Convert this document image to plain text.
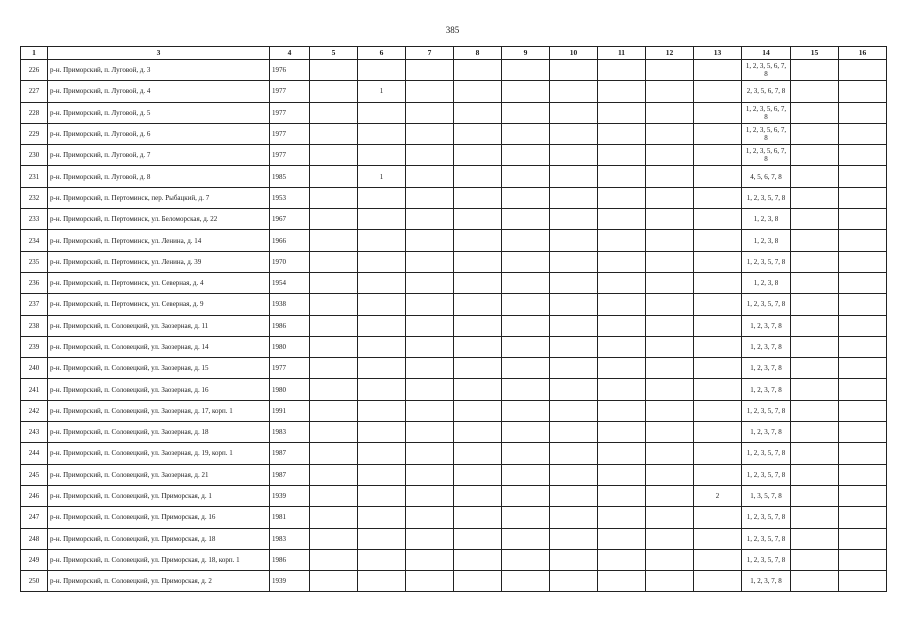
385
1	3	4	5	6	7	8	9	10	11	12	13	14	15	16
226	р-н. Приморский, п. Луговой, д. 3	1976										1, 2, 3, 5, 6, 7, 8		
227	р-н. Приморский, п. Луговой, д. 4	1977		1								2, 3, 5, 6, 7, 8		
228	р-н. Приморский, п. Луговой, д. 5	1977										1, 2, 3, 5, 6, 7, 8		
229	р-н. Приморский, п. Луговой, д. 6	1977										1, 2, 3, 5, 6, 7, 8		
230	р-н. Приморский, п. Луговой, д. 7	1977										1, 2, 3, 5, 6, 7, 8		
231	р-н. Приморский, п. Луговой, д. 8	1985		1								4, 5, 6, 7, 8		
232	р-н. Приморский, п. Пертоминск, пер. Рыбацкий, д. 7	1953										1, 2, 3, 5, 7, 8		
233	р-н. Приморский, п. Пертоминск, ул. Беломорская, д. 22	1967										1, 2, 3, 8		
234	р-н. Приморский, п. Пертоминск, ул. Ленина, д. 14	1966										1, 2, 3, 8		
235	р-н. Приморский, п. Пертоминск, ул. Ленина, д. 39	1970										1, 2, 3, 5, 7, 8		
236	р-н. Приморский, п. Пертоминск, ул. Северная, д. 4	1954										1, 2, 3, 8		
237	р-н. Приморский, п. Пертоминск, ул. Северная, д. 9	1938										1, 2, 3, 5, 7, 8		
238	р-н. Приморский, п. Соловецкий, ул. Заозерная, д. 11	1986										1, 2, 3, 7, 8		
239	р-н. Приморский, п. Соловецкий, ул. Заозерная, д. 14	1980										1, 2, 3, 7, 8		
240	р-н. Приморский, п. Соловецкий, ул. Заозерная, д. 15	1977										1, 2, 3, 7, 8		
241	р-н. Приморский, п. Соловецкий, ул. Заозерная, д. 16	1980										1, 2, 3, 7, 8		
242	р-н. Приморский, п. Соловецкий, ул. Заозерная, д. 17, корп. 1	1991										1, 2, 3, 5, 7, 8		
243	р-н. Приморский, п. Соловецкий, ул. Заозерная, д. 18	1983										1, 2, 3, 7, 8		
244	р-н. Приморский, п. Соловецкий, ул. Заозерная, д. 19, корп. 1	1987										1, 2, 3, 5, 7, 8		
245	р-н. Приморский, п. Соловецкий, ул. Заозерная, д. 21	1987										1, 2, 3, 5, 7, 8		
246	р-н. Приморский, п. Соловецкий, ул. Приморская, д. 1	1939									2	1, 3, 5, 7, 8		
247	р-н. Приморский, п. Соловецкий, ул. Приморская, д. 16	1981										1, 2, 3, 5, 7, 8		
248	р-н. Приморский, п. Соловецкий, ул. Приморская, д. 18	1983										1, 2, 3, 5, 7, 8		
249	р-н. Приморский, п. Соловецкий, ул. Приморская, д. 18, корп. 1	1986										1, 2, 3, 5, 7, 8		
250	р-н. Приморский, п. Соловецкий, ул. Приморская, д. 2	1939										1, 2, 3, 7, 8		
